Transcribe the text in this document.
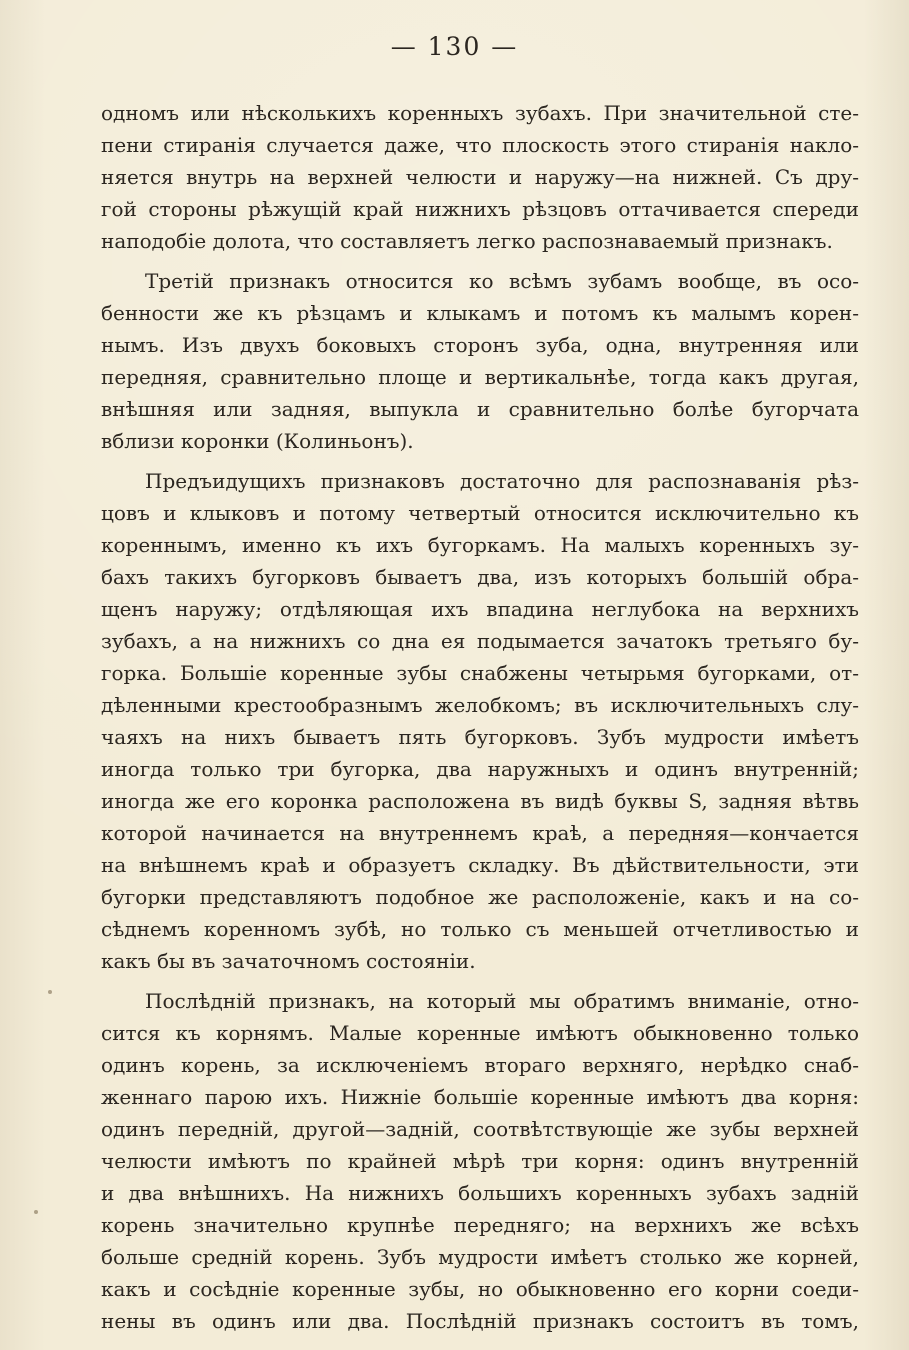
— 130 —
одномъ или нѣсколькихъ коренныхъ зубахъ. При значительной сте-
пени стиранія случается даже, что плоскость этого стиранія накло-
няется внутрь на верхней челюсти и наружу—на нижней. Съ дру-
гой стороны рѣжущій край нижнихъ рѣзцовъ оттачивается спереди
наподобіе долота, что составляетъ легко распознаваемый признакъ.
Третій признакъ относится ко всѣмъ зубамъ вообще, въ осо-
бенности же къ рѣзцамъ и клыкамъ и потомъ къ малымъ корен-
нымъ. Изъ двухъ боковыхъ сторонъ зуба, одна, внутренняя или
передняя, сравнительно площе и вертикальнѣе, тогда какъ другая,
внѣшняя или задняя, выпукла и сравнительно болѣе бугорчата
вблизи коронки (Колиньонъ).
Предъидущихъ признаковъ достаточно для распознаванія рѣз-
цовъ и клыковъ и потому четвертый относится исключительно къ
кореннымъ, именно къ ихъ бугоркамъ. На малыхъ коренныхъ зу-
бахъ такихъ бугорковъ бываетъ два, изъ которыхъ большій обра-
щенъ наружу; отдѣляющая ихъ впадина неглубока на верхнихъ
зубахъ, а на нижнихъ со дна ея подымается зачатокъ третьяго бу-
горка. Большіе коренные зубы снабжены четырьмя бугорками, от-
дѣленными крестообразнымъ желобкомъ; въ исключительныхъ слу-
чаяхъ на нихъ бываетъ пять бугорковъ. Зубъ мудрости имѣетъ
иногда только три бугорка, два наружныхъ и одинъ внутренній;
иногда же его коронка расположена въ видѣ буквы S, задняя вѣтвь
которой начинается на внутреннемъ краѣ, а передняя—кончается
на внѣшнемъ краѣ и образуетъ складку. Въ дѣйствительности, эти
бугорки представляютъ подобное же расположеніе, какъ и на со-
сѣднемъ коренномъ зубѣ, но только съ меньшей отчетливостью и
какъ бы въ зачаточномъ состояніи.
Послѣдній признакъ, на который мы обратимъ вниманіе, отно-
сится къ корнямъ. Малые коренные имѣютъ обыкновенно только
одинъ корень, за исключеніемъ втораго верхняго, нерѣдко снаб-
женнаго парою ихъ. Нижніе большіе коренные имѣютъ два корня:
одинъ передній, другой—задній, соотвѣтствующіе же зубы верхней
челюсти имѣютъ по крайней мѣрѣ три корня: одинъ внутренній
и два внѣшнихъ. На нижнихъ большихъ коренныхъ зубахъ задній
корень значительно крупнѣе передняго; на верхнихъ же всѣхъ
больше средній корень. Зубъ мудрости имѣетъ столько же корней,
какъ и сосѣдніе коренные зубы, но обыкновенно его корни соеди-
нены въ одинъ или два. Послѣдній признакъ состоитъ въ томъ,
